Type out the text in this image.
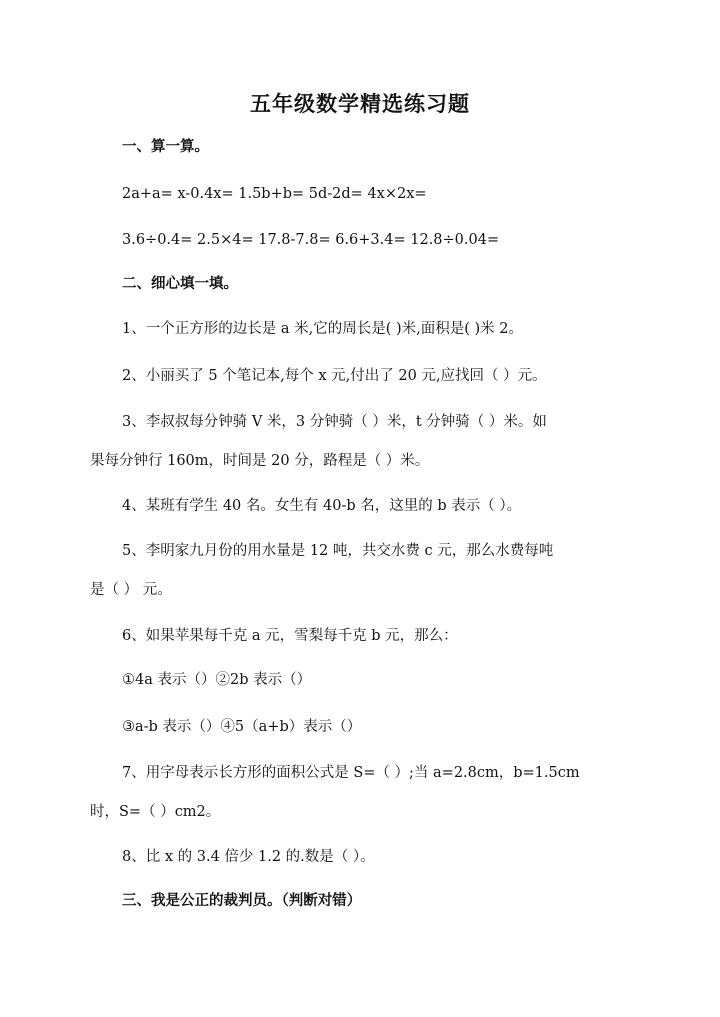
五年级数学精选练习题
一、算一算。
2a+a= x-0.4x= 1.5b+b= 5d-2d= 4x×2x=
3.6÷0.4= 2.5×4= 17.8-7.8= 6.6+3.4= 12.8÷0.04=
二、细心填一填。
1、一个正方形的边长是 a 米,它的周长是( )米,面积是( )米 2。
2、小丽买了 5 个笔记本,每个 x 元,付出了 20 元,应找回（ ）元。
3、李叔叔每分钟骑 V 米，3 分钟骑（ ）米，t 分钟骑（ ）米。如
果每分钟行 160m，时间是 20 分，路程是（ ）米。
4、某班有学生 40 名。女生有 40-b 名，这里的 b 表示（ ）。
5、李明家九月份的用水量是 12 吨，共交水费 c 元，那么水费每吨
是（ ） 元。
6、如果苹果每千克 a 元，雪梨每千克 b 元，那么：
①4a 表示（）②2b 表示（）
③a-b 表示（）④5（a+b）表示（）
7、用字母表示长方形的面积公式是 S=（ ）;当 a=2.8cm，b=1.5cm
时，S=（ ）cm2。
8、比 x 的 3.4 倍少 1.2 的.数是（ ）。
三、我是公正的裁判员。（判断对错）
